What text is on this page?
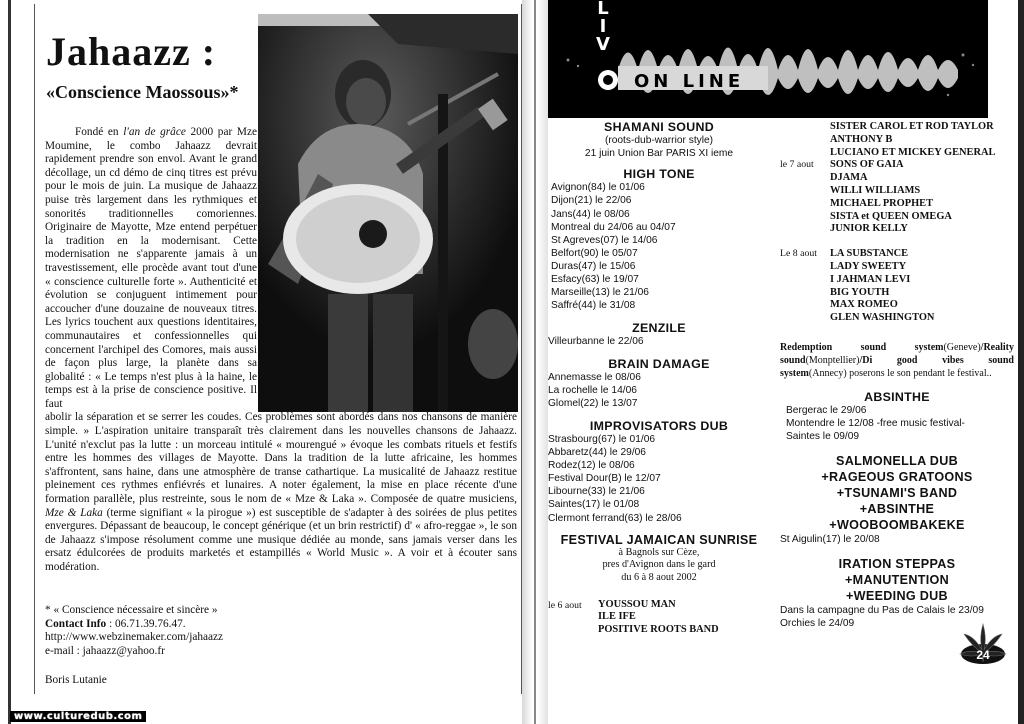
Jahaazz :
«Conscience Maossous»*

Fondé en l'an de grâce 2000 par Mze Moumine, le combo Jahaazz devrait rapidement prendre son envol. Avant le grand décollage, un cd démo de cinq titres est prévu pour le mois de juin. La musique de Jahaazz puise très largement dans les rythmiques et sonorités traditionnelles comoriennes. Originaire de Mayotte, Mze entend perpétuer la tradition en la modernisant. Cette modernisation ne s'apparente jamais à un travestissement, elle procède avant tout d'une « conscience culturelle forte ». Authenticité et évolution se conjuguent intimement pour accoucher d'une douzaine de nouveaux titres. Les lyrics touchent aux questions identitaires, communautaires et confessionnelles qui concernent l'archipel des Comores, mais aussi de façon plus large, la planète dans sa globalité : « Le temps n'est plus à la haine, le temps est à la prise de conscience positive. Il faut

abolir la séparation et se serrer les coudes. Ces problèmes sont abordés dans nos chansons de manière simple. » L'aspiration unitaire transparaît très clairement dans les nouvelles chansons de Jahaazz. L'unité n'exclut pas la lutte : un morceau intitulé « mourengué » évoque les combats rituels et festifs entre les hommes des villages de Mayotte. Dans la tradition de la lutte africaine, les hommes s'affrontent, sans haine, dans une atmosphère de transe cathartique. La musicalité de Jahaazz restitue pleinement ces rythmes enfiévrés et lunaires. A noter également, la mise en place récente d'une formation parallèle, plus restreinte, sous le nom de « Mze & Laka ». Composée de quatre musiciens, Mze & Laka (terme signifiant « la pirogue ») est susceptible de s'adapter à des soirées de plus petites envergures. Dépassant de beaucoup, le concept générique (et un brin restrictif) d' « afro-reggae », le son de Jahaazz s'impose résolument comme une musique dédiée au monde, sans jamais verser dans les ersatz édulcorées de produits marketés et estampillés « World Music ». A voir et à écouter sans modération.

* « Conscience nécessaire et sincère »
Contact Info : 06.71.39.76.47.
http://www.webzinemaker.com/jahaazz
e-mail : jahaazz@yahoo.fr
Boris Lutanie
www.culturedub.com
L
I
V
ON LINE
SHAMANI SOUND
(roots-dub-warrior style)
21 juin Union Bar PARIS XI ieme
HIGH TONE
Avignon(84) le 01/06
Dijon(21) le 22/06
Jans(44) le 08/06
Montreal du 24/06 au 04/07
St Agreves(07) le 14/06
Belfort(90) le 05/07
Duras(47) le 15/06
Esfacy(63) le 19/07
Marseille(13) le 21/06
Saffré(44) le 31/08
ZENZILE
Villeurbanne le 22/06
BRAIN DAMAGE
Annemasse le 08/06
La rochelle le 14/06
Glomel(22) le 13/07
IMPROVISATORS DUB
Strasbourg(67) le 01/06
Abbaretz(44) le 29/06
Rodez(12) le 08/06
Festival Dour(B) le 12/07
Libourne(33) le 21/06
Saintes(17) le 01/08
Clermont ferrand(63) le 28/06
FESTIVAL JAMAICAN SUNRISE
à Bagnols sur Cèze,
pres d'Avignon dans le gard
du 6 à 8 aout 2002
le 6 aout	YOUSSOU MAN
ILE IFE
POSITIVE ROOTS BAND
SISTER CAROL ET ROD TAYLOR
ANTHONY B
LUCIANO ET MICKEY GENERAL
le 7 aout	SONS OF GAIA
DJAMA
WILLI WILLIAMS
MICHAEL PROPHET
SISTA et QUEEN OMEGA
JUNIOR KELLY
Le 8 aout	LA SUBSTANCE
LADY SWEETY
I JAHMAN LEVI
BIG YOUTH
MAX ROMEO
GLEN WASHINGTON

Redemption sound system(Geneve)/Reality sound(Monptellier)/Di good vibes sound system(Annecy) poserons le son pendant le festival..

ABSINTHE
Bergerac le 29/06
Montendre le 12/08 -free music festival-
Saintes le 09/09
SALMONELLA DUB
+RAGEOUS GRATOONS
+TSUNAMI'S BAND
+ABSINTHE
+WOOBOOMBAKEKE
St Aigulin(17) le 20/08
IRATION STEPPAS
+MANUTENTION
+WEEDING DUB
Dans la campagne du Pas de Calais le 23/09
Orchies le 24/09
24
